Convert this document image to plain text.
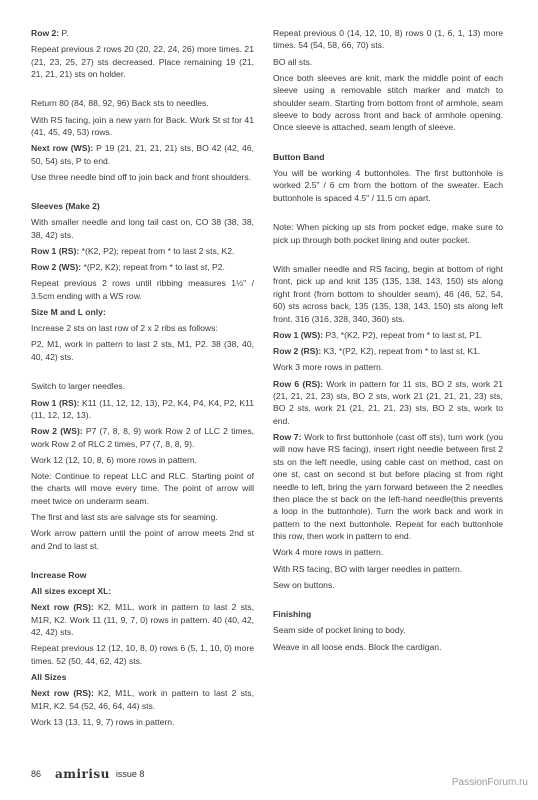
Row 2: P.

Repeat previous 2 rows 20 (20, 22, 24, 26) more times. 21 (21, 23, 25, 27) sts decreased. Place remaining 19 (21, 21, 21, 21) sts on holder.

Return 80 (84, 88, 92, 96) Back sts to needles.

With RS facing, join a new yarn for Back. Work St st for 41 (41, 45, 49, 53) rows.

Next row (WS): P 19 (21, 21, 21, 21) sts, BO 42 (42, 46, 50, 54) sts, P to end.

Use three needle bind off to join back and front shoulders.

Sleeves (Make 2)

With smaller needle and long tail cast on, CO 38 (38, 38, 38, 42) sts.

Row 1 (RS): *(K2, P2); repeat from * to last 2 sts, K2.

Row 2 (WS): *(P2, K2); repeat from * to last st, P2.

Repeat previous 2 rows until ribbing measures 1½" / 3.5cm ending with a WS row.

Size M and L only:

Increase 2 sts on last row of 2 x 2 ribs as follows:

P2, M1, work in pattern to last 2 sts, M1, P2. 38 (38, 40, 40, 42) sts.

Switch to larger needles.

Row 1 (RS): K11 (11, 12, 12, 13), P2, K4, P4, K4, P2, K11 (11, 12, 12, 13).

Row 2 (WS): P7 (7, 8, 8, 9) work Row 2 of LLC 2 times, work Row 2 of RLC 2 times, P7 (7, 8, 8, 9).

Work 12 (12, 10, 8, 6) more rows in pattern.

Note: Continue to repeat LLC and RLC. Starting point of the charts will move every time. The point of arrow will meet twice on underarm seam.

The first and last sts are salvage sts for seaming.

Work arrow pattern until the point of arrow meets 2nd st and 2nd to last st.

Increase Row
All sizes except XL:

Next row (RS): K2, M1L, work in pattern to last 2 sts, M1R, K2. Work 11 (11, 9, 7, 0) rows in pattern. 40 (40, 42, 42, 42) sts.

Repeat previous 12 (12, 10, 8, 0) rows 6 (5, 1, 10, 0) more times. 52 (50, 44, 62, 42) sts.

All Sizes

Next row (RS): K2, M1L, work in pattern to last 2 sts, M1R, K2. 54 (52, 46, 64, 44) sts.

Work 13 (13, 11, 9, 7) rows in pattern.

Repeat previous 0 (14, 12, 10, 8) rows 0 (1, 6, 1, 13) more times. 54 (54, 58, 66, 70) sts.

BO all sts.

Once both sleeves are knit, mark the middle point of each sleeve using a removable stitch marker and match to shoulder seam. Starting from bottom front of armhole, seam sleeve to body across front and back of armhole opening. Once sleeve is attached, seam length of sleeve.

Button Band

You will be working 4 buttonholes. The first buttonhole is worked 2.5" / 6 cm from the bottom of the sweater. Each buttonhole is spaced 4.5" / 11.5 cm apart.

Note: When picking up sts from pocket edge, make sure to pick up through both pocket lining and outer pocket.

With smaller needle and RS facing, begin at bottom of right front, pick up and knit 135 (135, 138, 143, 150) sts along right front (from bottom to shoulder seam), 46 (46, 52, 54, 60) sts across back, 135 (135, 138, 143, 150) sts along left front. 316 (316, 328, 340, 360) sts.

Row 1 (WS): P3, *(K2, P2), repeat from * to last st, P1.

Row 2 (RS): K3, *(P2, K2), repeat from * to last st, K1.

Work 3 more rows in pattern.

Row 6 (RS): Work in pattern for 11 sts, BO 2 sts, work 21 (21, 21, 21, 23) sts, BO 2 sts, work 21 (21, 21, 21, 23) sts, BO 2 sts, work 21 (21, 21, 21, 23) sts, BO 2 sts, work to end.

Row 7: Work to first buttonhole (cast off sts), turn work (you will now have RS facing), insert right needle between first 2 sts on the left needle, using cable cast on method, cast on one st, cast on second st but before placing st from right needle to left, bring the yarn forward between the 2 needles then place the st back on the left-hand needle(this prevents a loop in the buttonhole). Turn the work back and work in pattern to the next buttonhole. Repeat for each buttonhole this row, then work in pattern to end.

Work 4 more rows in pattern.

With RS facing, BO with larger needles in pattern.

Sew on buttons.

Finishing

Seam side of pocket lining to body.

Weave in all loose ends. Block the cardigan.

86 amirisu issue 8
PassionForum.ru
